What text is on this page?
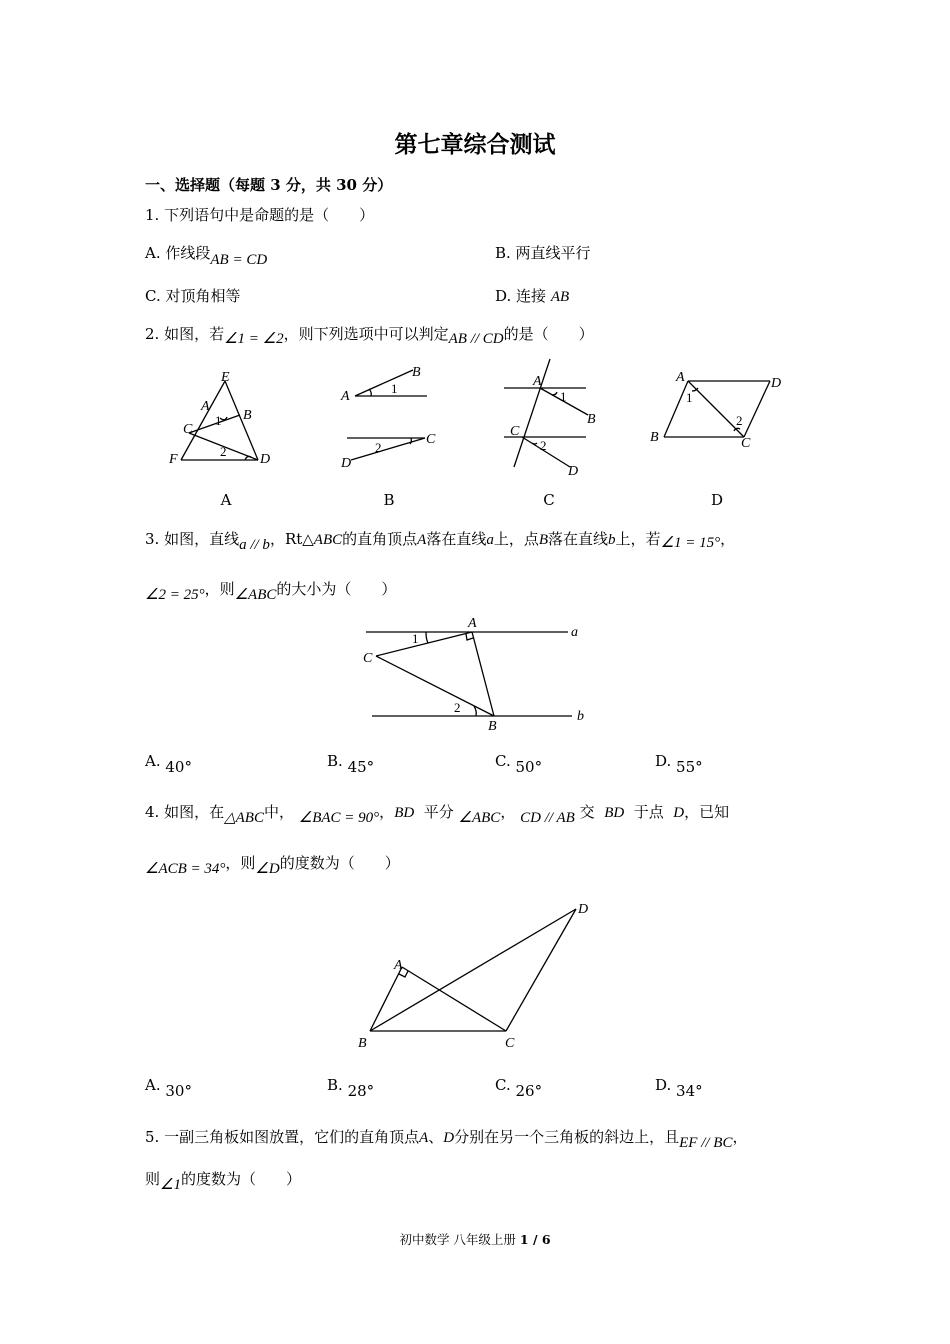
第七章综合测试
一、选择题（每题 3 分，共 30 分）
1. 下列语句中是命题的是（　　）
A. 作线段AB = CD	B. 两直线平行
C. 对顶角相等	D. 连接 AB
2. 如图，若∠1 = ∠2，则下列选项中可以判定AB // CD的是（　　）
E
A
B
C
F	D
1
2
A
B
C
D
1
2
A
B
C
D
1
2
A	D
B	C
1
2
A	B	C	D
3. 如图，直线a // b，Rt△ABC的直角顶点A落在直线a上，点B落在直线b上，若∠1 = 15°，
∠2 = 25°，则∠ABC的大小为（　　）
A
a
C
B
b
1
2
A. 40°	B. 45°	C. 50°	D. 55°
4. 如图，在△ABC中， ∠BAC = 90°，BD 平分 ∠ABC， CD // AB 交 BD 于点 D，已知
∠ACB = 34°，则∠D的度数为（　　）
A
B	C
D
A. 30°	B. 28°	C. 26°	D. 34°
5. 一副三角板如图放置，它们的直角顶点A、D分别在另一个三角板的斜边上，且EF // BC，
则∠1的度数为（　　）
初中数学 八年级上册 1 / 6
